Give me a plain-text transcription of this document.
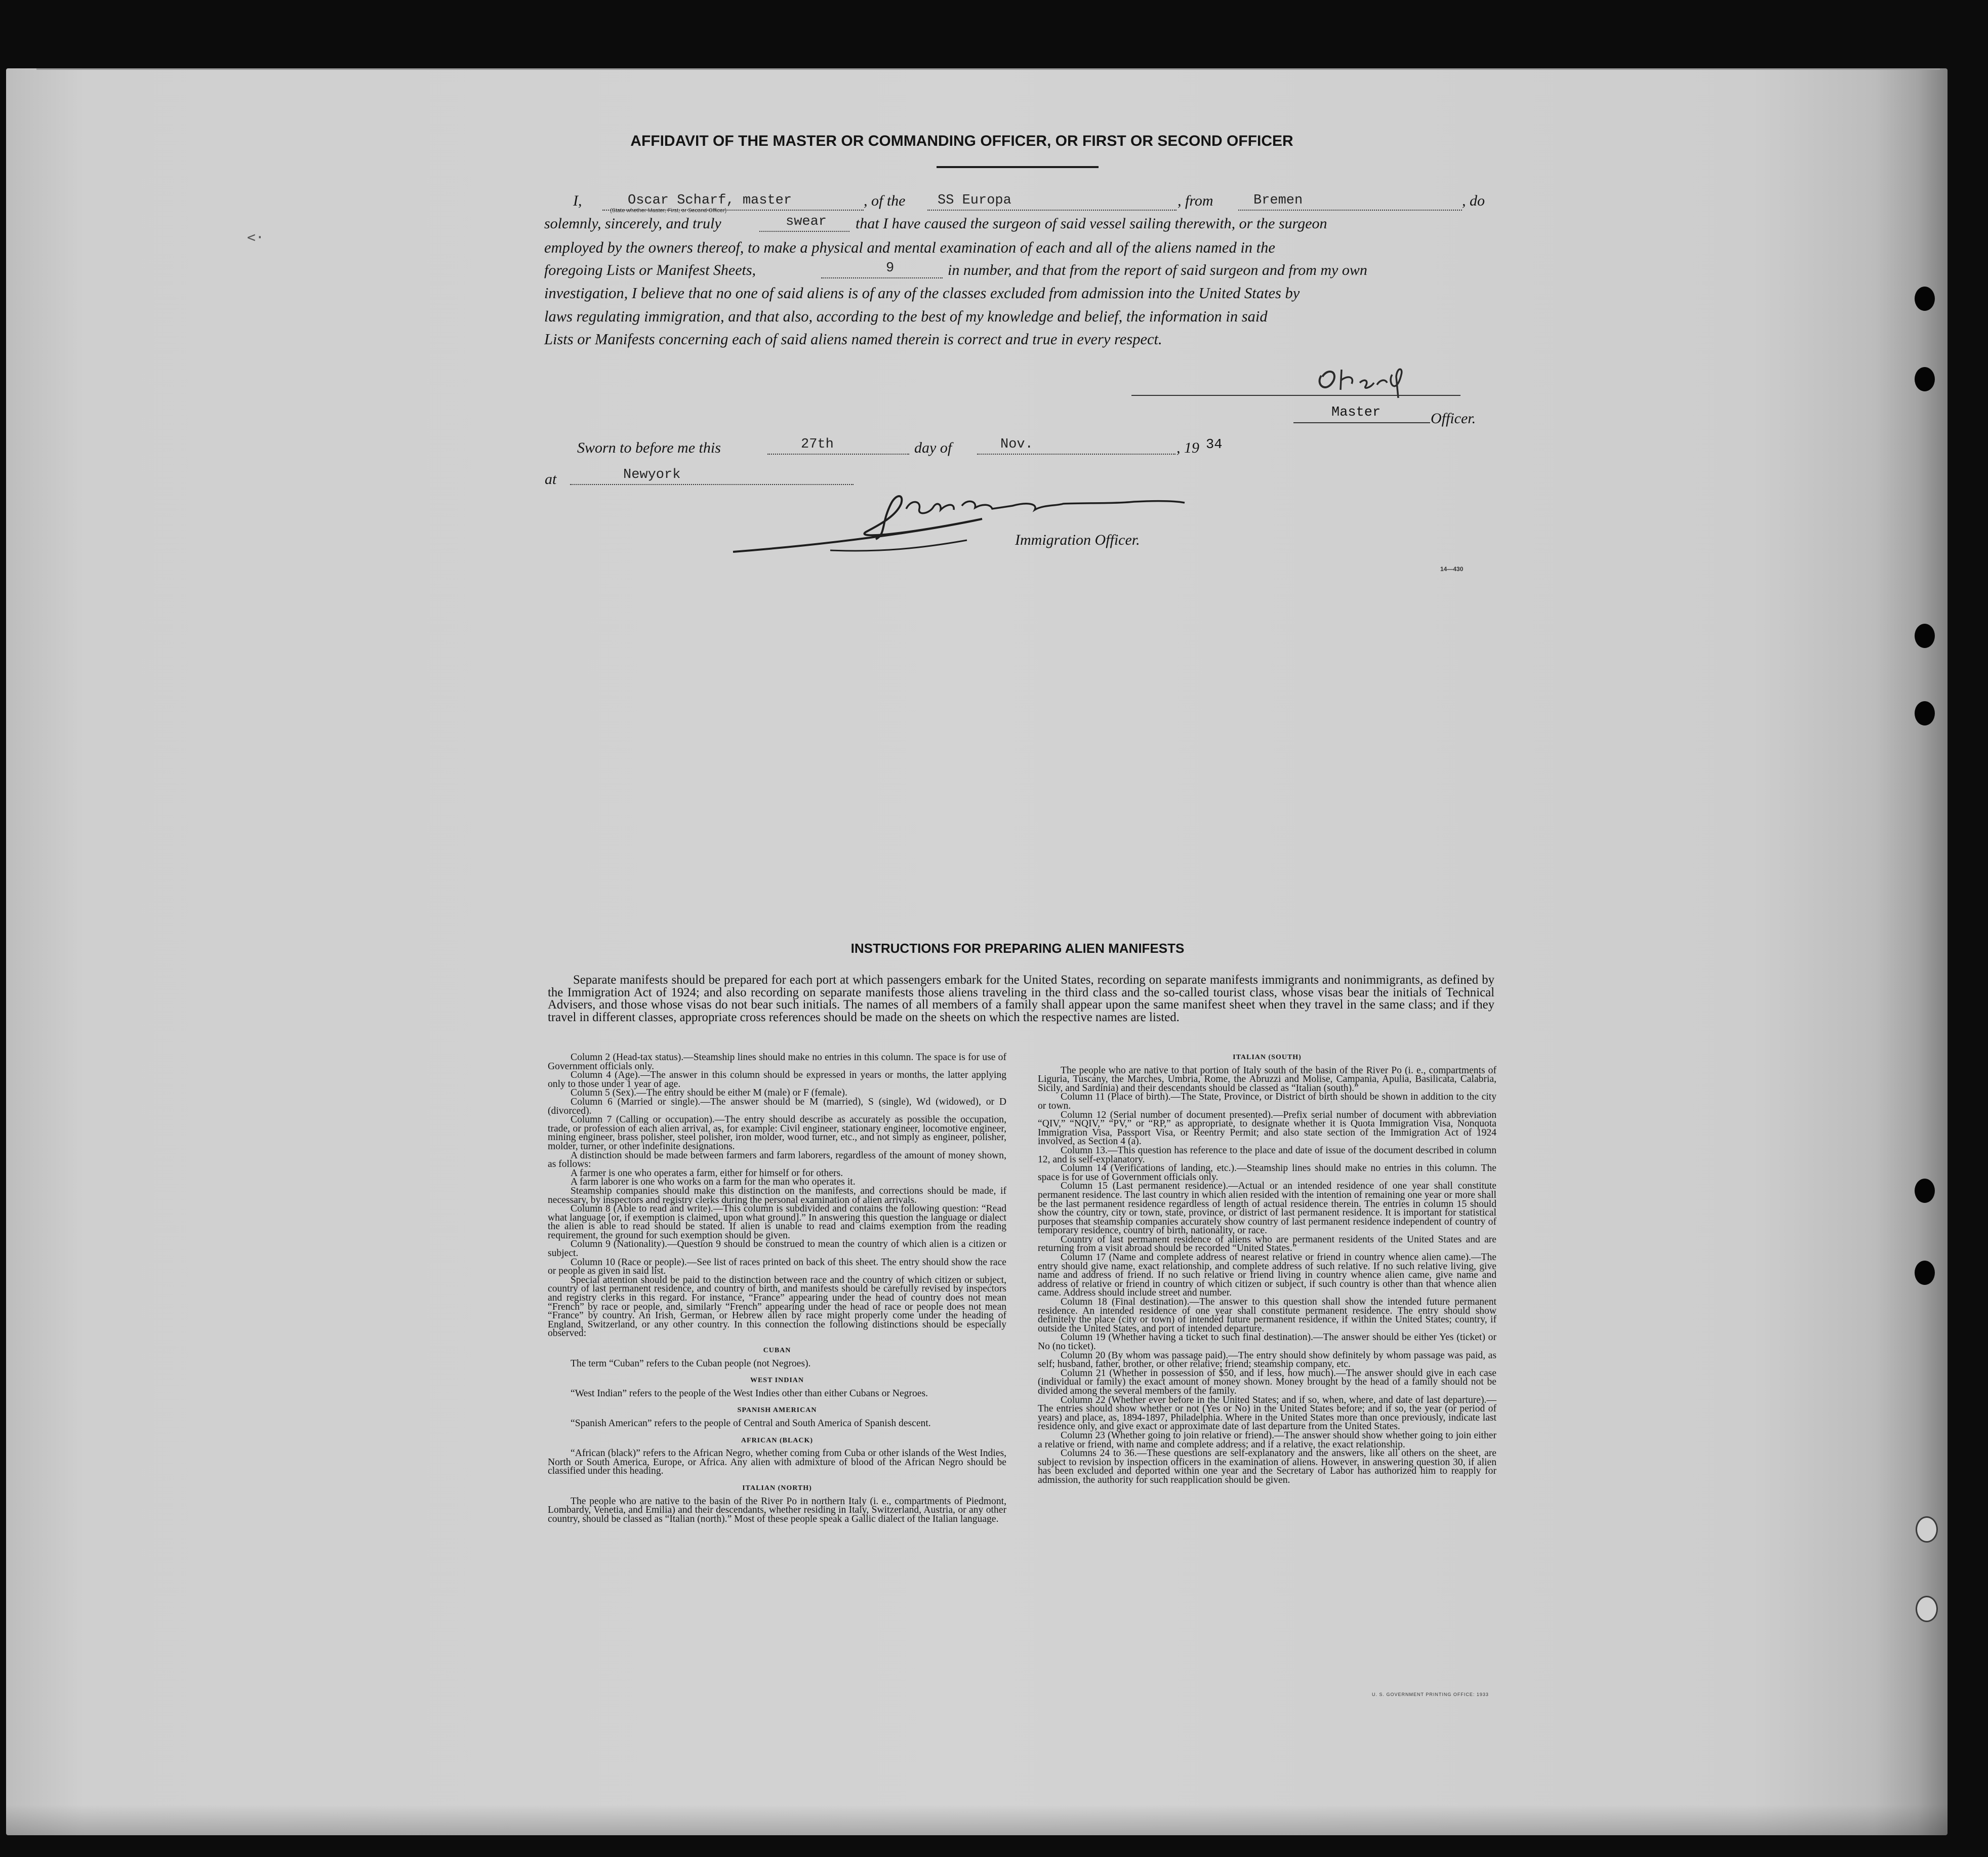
<·
AFFIDAVIT OF THE MASTER OR COMMANDING OFFICER, OR FIRST OR SECOND OFFICER
I,	Oscar Scharf, master
(State whether Master, First, or Second Officer)
, of the SS Europa	, from	Bremen	, do
solemnly, sincerely, and truly	swear that I have caused the surgeon of said vessel sailing therewith, or the surgeon
employed by the owners thereof, to make a physical and mental examination of each and all of the aliens named in the
foregoing Lists or Manifest Sheets,	9	in number, and that from the report of said surgeon and from my own
investigation, I believe that no one of said aliens is of any of the classes excluded from admission into the United States by
laws regulating immigration, and that also, according to the best of my knowledge and belief, the information in said
Lists or Manifests concerning each of said aliens named therein is correct and true in every respect.
Master	Officer.
Sworn to before me this	27th	day of	Nov.	, 19 34
at	Newyork
Immigration Officer.
14—430
INSTRUCTIONS FOR PREPARING ALIEN MANIFESTS

Separate manifests should be prepared for each port at which passengers embark for the United States, recording on separate manifests immigrants and nonimmigrants, as defined by the Immigration Act of 1924; and also recording on separate manifests those aliens traveling in the third class and the so-called tourist class, whose visas bear the initials of Technical Advisers, and those whose visas do not bear such initials. The names of all members of a family shall appear upon the same manifest sheet when they travel in the same class; and if they travel in different classes, appropriate cross references should be made on the sheets on which the respective names are listed.

Column 2 (Head-tax status).—Steamship lines should make no entries in this column. The space is for use of Government officials only.

Column 4 (Age).—The answer in this column should be expressed in years or months, the latter applying only to those under 1 year of age.

Column 5 (Sex).—The entry should be either M (male) or F (female).

Column 6 (Married or single).—The answer should be M (married), S (single), Wd (widowed), or D (divorced).

Column 7 (Calling or occupation).—The entry should describe as accurately as possible the occupation, trade, or profession of each alien arrival, as, for example: Civil engineer, stationary engineer, locomotive engineer, mining engineer, brass polisher, steel polisher, iron molder, wood turner, etc., and not simply as engineer, polisher, molder, turner, or other indefinite designations.

A distinction should be made between farmers and farm laborers, regardless of the amount of money shown, as follows:

A farmer is one who operates a farm, either for himself or for others.

A farm laborer is one who works on a farm for the man who operates it.

Steamship companies should make this distinction on the manifests, and corrections should be made, if necessary, by inspectors and registry clerks during the personal examination of alien arrivals.

Column 8 (Able to read and write).—This column is subdivided and contains the following question: “Read what language [or, if exemption is claimed, upon what ground].” In answering this question the language or dialect the alien is able to read should be stated. If alien is unable to read and claims exemption from the reading requirement, the ground for such exemption should be given.

Column 9 (Nationality).—Question 9 should be construed to mean the country of which alien is a citizen or subject.

Column 10 (Race or people).—See list of races printed on back of this sheet. The entry should show the race or people as given in said list.

Special attention should be paid to the distinction between race and the country of which citizen or subject, country of last permanent residence, and country of birth, and manifests should be carefully revised by inspectors and registry clerks in this regard. For instance, “France” appearing under the head of country does not mean “French” by race or people, and, similarly “French” appearing under the head of race or people does not mean “France” by country. An Irish, German, or Hebrew alien by race might properly come under the heading of England, Switzerland, or any other country. In this connection the following distinctions should be especially observed:

CUBAN

The term “Cuban” refers to the Cuban people (not Negroes).

WEST INDIAN

“West Indian” refers to the people of the West Indies other than either Cubans or Negroes.

SPANISH AMERICAN

“Spanish American” refers to the people of Central and South America of Spanish descent.

AFRICAN (BLACK)

“African (black)” refers to the African Negro, whether coming from Cuba or other islands of the West Indies, North or South America, Europe, or Africa. Any alien with admixture of blood of the African Negro should be classified under this heading.

ITALIAN (NORTH)

The people who are native to the basin of the River Po in northern Italy (i. e., compartments of Piedmont, Lombardy, Venetia, and Emilia) and their descendants, whether residing in Italy, Switzerland, Austria, or any other country, should be classed as “Italian (north).” Most of these people speak a Gallic dialect of the Italian language.

ITALIAN (SOUTH)

The people who are native to that portion of Italy south of the basin of the River Po (i. e., compartments of Liguria, Tuscany, the Marches, Umbria, Rome, the Abruzzi and Molise, Campania, Apulia, Basilicata, Calabria, Sicily, and Sardinia) and their descendants should be classed as “Italian (south).”

Column 11 (Place of birth).—The State, Province, or District of birth should be shown in addition to the city or town.

Column 12 (Serial number of document presented).—Prefix serial number of document with abbreviation “QIV,” “NQIV,” “PV,” or “RP,” as appropriate, to designate whether it is Quota Immigration Visa, Nonquota Immigration Visa, Passport Visa, or Reentry Permit; and also state section of the Immigration Act of 1924 involved, as Section 4 (a).

Column 13.—This question has reference to the place and date of issue of the document described in column 12, and is self-explanatory.

Column 14 (Verifications of landing, etc.).—Steamship lines should make no entries in this column. The space is for use of Government officials only.

Column 15 (Last permanent residence).—Actual or an intended residence of one year shall constitute permanent residence. The last country in which alien resided with the intention of remaining one year or more shall be the last permanent residence regardless of length of actual residence therein. The entries in column 15 should show the country, city or town, state, province, or district of last permanent residence. It is important for statistical purposes that steamship companies accurately show country of last permanent residence independent of country of temporary residence, country of birth, nationality, or race.

Country of last permanent residence of aliens who are permanent residents of the United States and are returning from a visit abroad should be recorded “United States.”

Column 17 (Name and complete address of nearest relative or friend in country whence alien came).—The entry should give name, exact relationship, and complete address of such relative. If no such relative living, give name and address of friend. If no such relative or friend living in country whence alien came, give name and address of relative or friend in country of which citizen or subject, if such country is other than that whence alien came. Address should include street and number.

Column 18 (Final destination).—The answer to this question shall show the intended future permanent residence. An intended residence of one year shall constitute permanent residence. The entry should show definitely the place (city or town) of intended future permanent residence, if within the United States; country, if outside the United States, and port of intended departure.

Column 19 (Whether having a ticket to such final destination).—The answer should be either Yes (ticket) or No (no ticket).

Column 20 (By whom was passage paid).—The entry should show definitely by whom passage was paid, as self; husband, father, brother, or other relative; friend; steamship company, etc.

Column 21 (Whether in possession of $50, and if less, how much).—The answer should give in each case (individual or family) the exact amount of money shown. Money brought by the head of a family should not be divided among the several members of the family.

Column 22 (Whether ever before in the United States; and if so, when, where, and date of last departure).—The entries should show whether or not (Yes or No) in the United States before; and if so, the year (or period of years) and place, as, 1894-1897, Philadelphia. Where in the United States more than once previously, indicate last residence only, and give exact or approximate date of last departure from the United States.

Column 23 (Whether going to join relative or friend).—The answer should show whether going to join either a relative or friend, with name and complete address; and if a relative, the exact relationship.

Columns 24 to 36.—These questions are self-explanatory and the answers, like all others on the sheet, are subject to revision by inspection officers in the examination of aliens. However, in answering question 30, if alien has been excluded and deported within one year and the Secretary of Labor has authorized him to reapply for admission, the authority for such reapplication should be given.

U. S. GOVERNMENT PRINTING OFFICE: 1933
